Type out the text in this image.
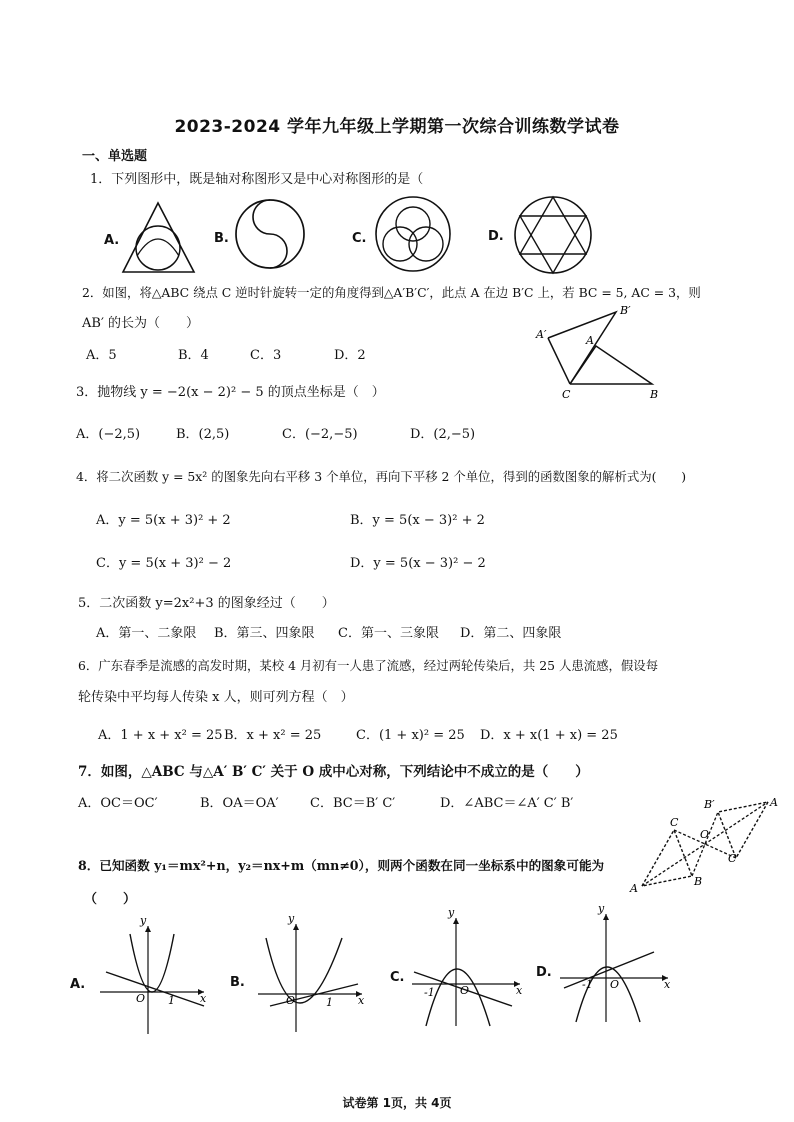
2023-2024 学年九年级上学期第一次综合训练数学试卷
一、单选题
1．下列图形中，既是轴对称图形又是中心对称图形的是（
A.	B.	C.	D.
2．如图，将△ABC 绕点 C 逆时针旋转一定的角度得到△A′B′C′，此点 A 在边 B′C 上，若 BC = 5, AC = 3，则
AB′ 的长为（　　）
A．5	B．4	C．3	D．2
A′
B′
A
C	B
3．抛物线 y = −2(x − 2)² − 5 的顶点坐标是（　）
A．(−2,5)	B．(2,5)	C．(−2,−5)	D．(2,−5)
4．将二次函数 y = 5x² 的图象先向右平移 3 个单位，再向下平移 2 个单位，得到的函数图象的解析式为(　　)
A．y = 5(x + 3)² + 2	B．y = 5(x − 3)² + 2
C．y = 5(x + 3)² − 2	D．y = 5(x − 3)² − 2
5．二次函数 y=2x²+3 的图象经过（　　）
A．第一、二象限 B．第三、四象限 C．第一、三象限 D．第二、四象限
6．广东春季是流感的高发时期，某校 4 月初有一人患了流感，经过两轮传染后，共 25 人患流感，假设每
轮传染中平均每人传染 x 人，则可列方程（　）
A．1 + x + x² = 25 B．x + x² = 25	C．(1 + x)² = 25 D．x + x(1 + x) = 25
7．如图，△ABC 与△A′ B′ C′ 关于 O 成中心对称，下列结论中不成立的是（　　）
A．OC＝OC′	B．OA＝OA′ C．BC＝B′ C′	D．∠ABC＝∠A′ C′ B′	A
B′
C
O
C′
B
A
8．已知函数 y₁＝mx²+n，y₂＝nx+m（mn≠0），则两个函数在同一坐标系中的图象可能为
（　　）
A.
y
O 1 x
B.
y
O	1 x
C.
y
-1 O	x
D.
y
-1 O	x
试卷第 1页，共 4页
